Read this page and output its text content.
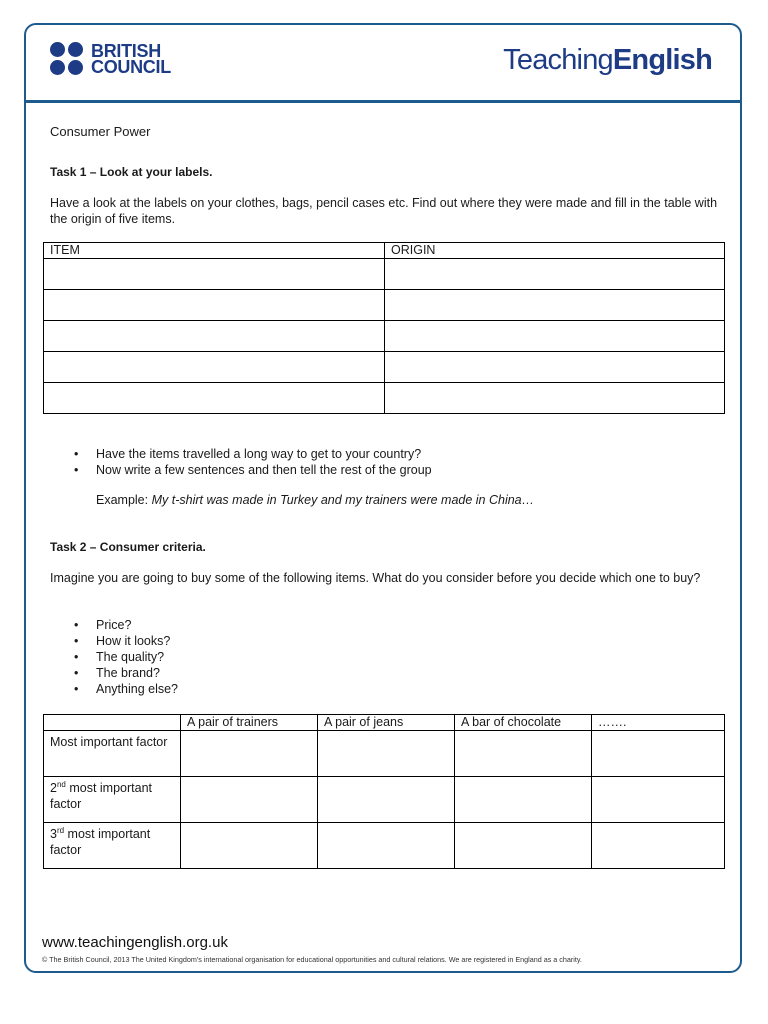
BRITISH
COUNCIL	TeachingEnglish
Consumer Power
Task 1 – Look at your labels.
Have a look at the labels on your clothes, bags, pencil cases etc. Find out where they were made and fill in the table with the origin of five items.
ITEM	ORIGIN

• Have the items travelled a long way to get to your country?
• Now write a few sentences and then tell the rest of the group
Example: My t-shirt was made in Turkey and my trainers were made in China…
Task 2 – Consumer criteria.
Imagine you are going to buy some of the following items. What do you consider before you decide which one to buy?
• Price?
• How it looks?
• The quality?
• The brand?
• Anything else?
	A pair of trainers	A pair of jeans	A bar of chocolate	…….
Most important factor				
2nd most important factor				
3rd most important factor				
www.teachingenglish.org.uk
© The British Council, 2013 The United Kingdom's international organisation for educational opportunities and cultural relations. We are registered in England as a charity.
